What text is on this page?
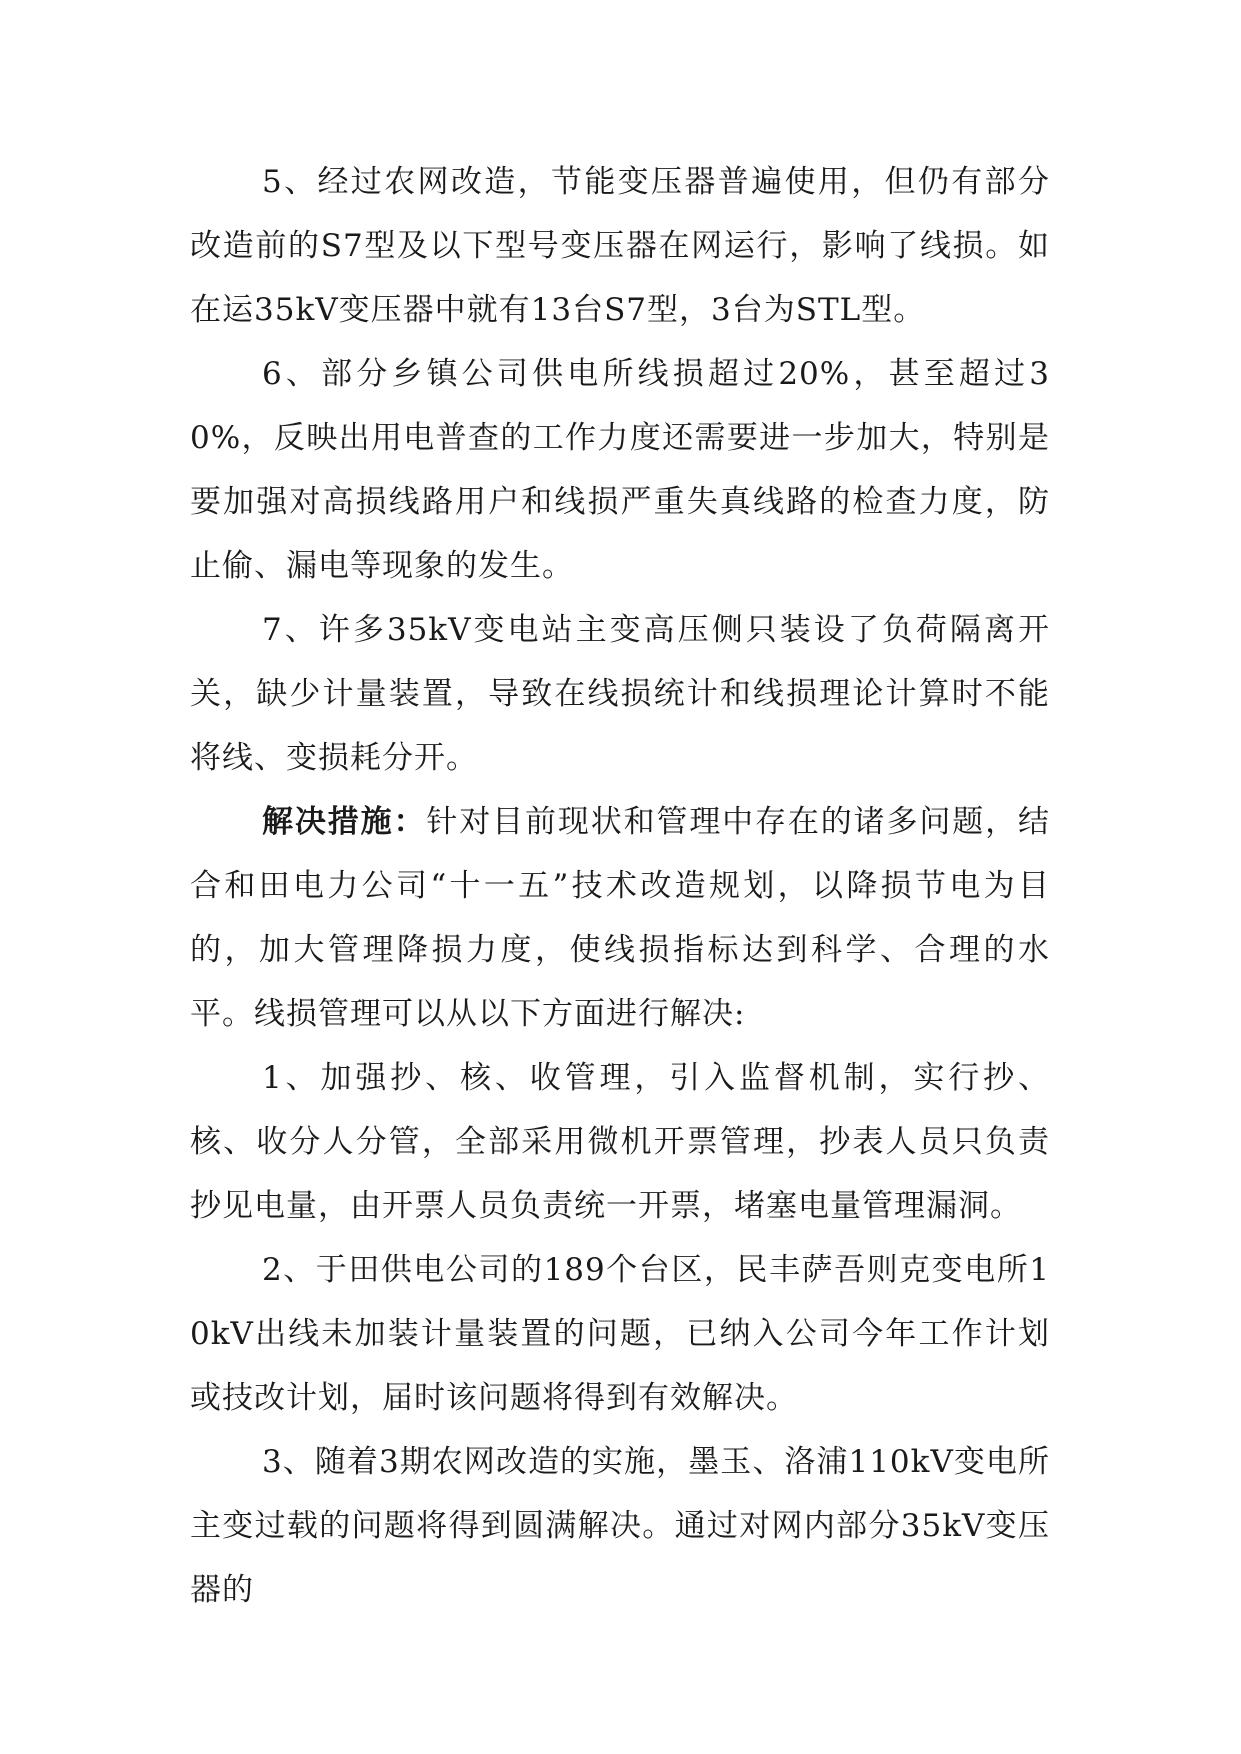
5、经过农网改造，节能变压器普遍使用，但仍有部分改造前的S7型及以下型号变压器在网运行，影响了线损。如在运35kV变压器中就有13台S7型，3台为STL型。

6、部分乡镇公司供电所线损超过20%，甚至超过30%，反映出用电普查的工作力度还需要进一步加大，特别是要加强对高损线路用户和线损严重失真线路的检查力度，防止偷、漏电等现象的发生。

7、许多35kV变电站主变高压侧只装设了负荷隔离开关，缺少计量装置，导致在线损统计和线损理论计算时不能将线、变损耗分开。

解决措施：针对目前现状和管理中存在的诸多问题，结合和田电力公司“十一五”技术改造规划，以降损节电为目的，加大管理降损力度，使线损指标达到科学、合理的水平。线损管理可以从以下方面进行解决:

1、加强抄、核、收管理，引入监督机制，实行抄、核、收分人分管，全部采用微机开票管理，抄表人员只负责抄见电量，由开票人员负责统一开票，堵塞电量管理漏洞。

2、于田供电公司的189个台区，民丰萨吾则克变电所10kV出线未加装计量装置的问题，已纳入公司今年工作计划或技改计划，届时该问题将得到有效解决。

3、随着3期农网改造的实施，墨玉、洛浦110kV变电所主变过载的问题将得到圆满解决。通过对网内部分35kV变压器的
